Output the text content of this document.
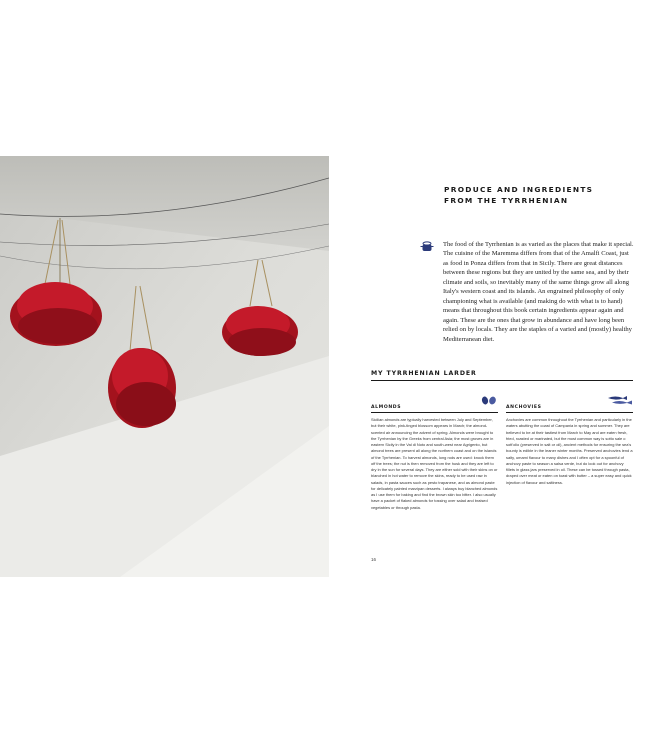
PRODUCE AND INGREDIENTS
FROM THE TYRRHENIAN

The food of the Tyrrhenian is as varied as the places that make it special. The cuisine of the Maremma differs from that of the Amalfi Coast, just as food in Ponza differs from that in Sicily. There are great distances between these regions but they are united by the same sea, and by their climate and soils, so inevitably many of the same things grow all along Italy's western coast and its islands. An engrained philosophy of only championing what is available (and making do with what is to hand) means that throughout this book certain ingredients appear again and again. These are the ones that grow in abundance and have long been relied on by locals. They are the staples of a varied and (mostly) healthy Mediterranean diet.

MY TYRRHENIAN LARDER
ALMONDS

Sicilian almonds are typically harvested between July and September, but their white, pink-tinged blossom appears in March; the almond-scented air announcing the advent of spring. Almonds were brought to the Tyrrhenian by the Greeks from central Asia; the most groves are in eastern Sicily in the Val di Noto and south-west near Agrigento, but almond trees are present all along the northern coast and on the islands of the Tyrrhenian. To harvest almonds, long rods are used: knock them off the trees; the nut is then removed from the husk and they are left to dry in the sun for several days. They are either sold with their skins on or blanched in hot water to remove the skins, ready to be used raw in salads, in pasta sauces such as pesto trapanese, and as almond paste for delicately painted marzipan desserts. I always buy blanched almonds as I use them for baking and find the brown skin too bitter. I also usually have a packet of flaked almonds for tossing over salad and braised vegetables or through pasta.

ANCHOVIES

Anchovies are common throughout the Tyrrhenian and particularly in the waters abutting the coast of Campania in spring and summer. They are believed to be at their tastiest from March to May and are eaten fresh, fried, roasted or marinated, but the most common way is sotto sale o sott'olio (preserved in salt or oil), ancient methods for ensuring the sea's bounty is edible in the leaner winter months. Preserved anchovies lend a salty, umami flavour to many dishes and I often opt for a spoonful of anchovy paste to season a salsa verde, but do look out for anchovy fillets in glass jars preserved in oil. These can be tossed through pasta, draped over meat or eaten on toast with butter – a super easy and quick injection of flavour and saltiness.

16
